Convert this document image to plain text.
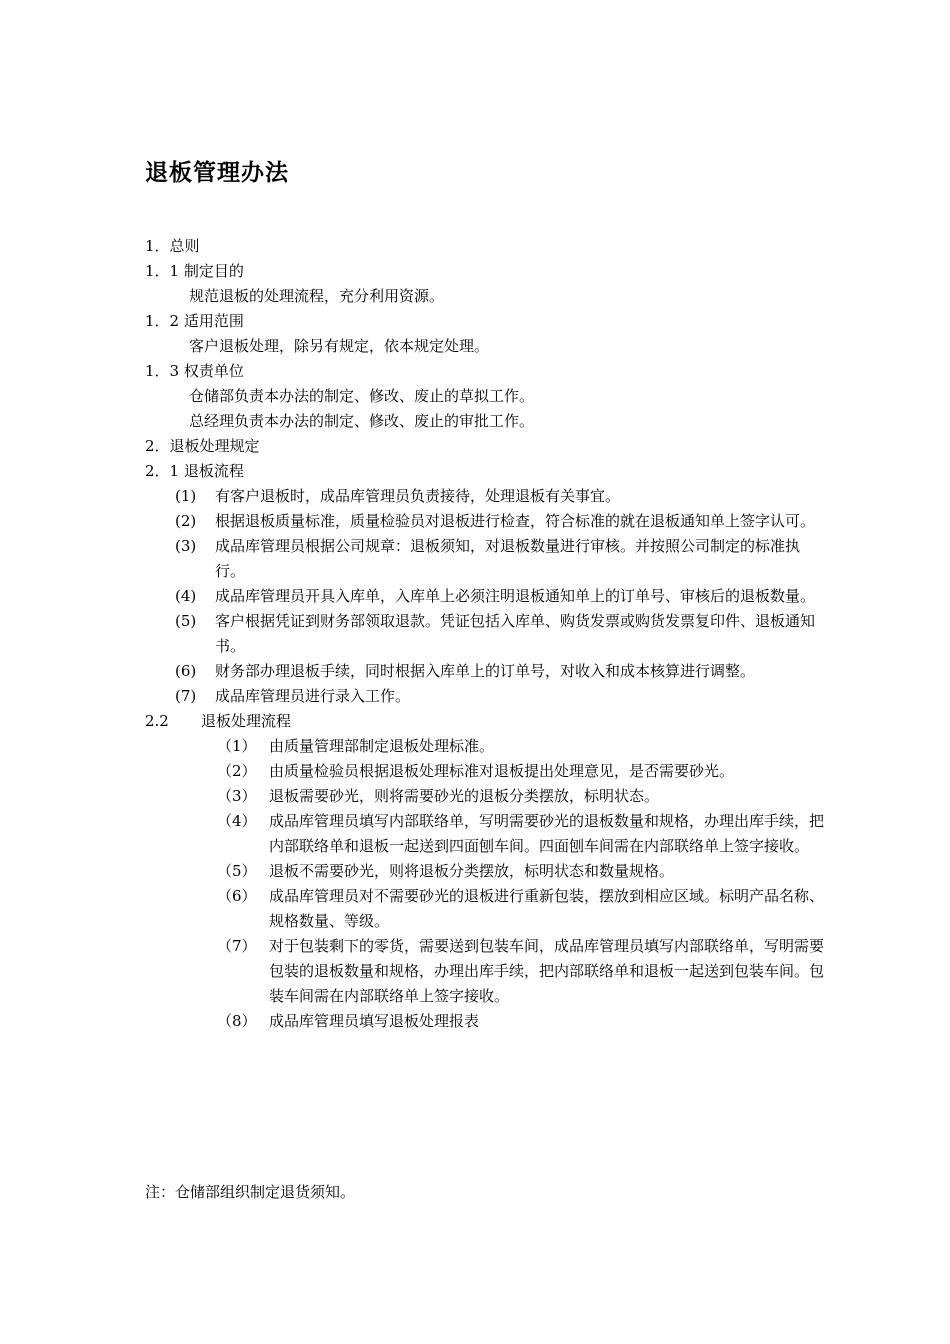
退板管理办法
1．总则
1．1 制定目的
规范退板的处理流程，充分利用资源。
1．2 适用范围
客户退板处理，除另有规定，依本规定处理。
1．3 权责单位
仓储部负责本办法的制定、修改、废止的草拟工作。
总经理负责本办法的制定、修改、废止的审批工作。
2．退板处理规定
2．1 退板流程
(1)	有客户退板时，成品库管理员负责接待，处理退板有关事宜。
(2)	根据退板质量标准，质量检验员对退板进行检查，符合标准的就在退板通知单上签字认可。
(3)	成品库管理员根据公司规章：退板须知，对退板数量进行审核。并按照公司制定的标准执行。
(4)	成品库管理员开具入库单，入库单上必须注明退板通知单上的订单号、审核后的退板数量。
(5)	客户根据凭证到财务部领取退款。凭证包括入库单、购货发票或购货发票复印件、退板通知书。
(6)	财务部办理退板手续，同时根据入库单上的订单号，对收入和成本核算进行调整。
(7)	成品库管理员进行录入工作。
2.2	退板处理流程
（1） 由质量管理部制定退板处理标准。
（2） 由质量检验员根据退板处理标准对退板提出处理意见，是否需要砂光。
（3） 退板需要砂光，则将需要砂光的退板分类摆放，标明状态。
（4） 成品库管理员填写内部联络单，写明需要砂光的退板数量和规格，办理出库手续，把内部联络单和退板一起送到四面刨车间。四面刨车间需在内部联络单上签字接收。
（5） 退板不需要砂光，则将退板分类摆放，标明状态和数量规格。
（6） 成品库管理员对不需要砂光的退板进行重新包装，摆放到相应区域。标明产品名称、规格数量、等级。
（7） 对于包装剩下的零货，需要送到包装车间，成品库管理员填写内部联络单，写明需要包装的退板数量和规格，办理出库手续，把内部联络单和退板一起送到包装车间。包装车间需在内部联络单上签字接收。
（8） 成品库管理员填写退板处理报表
注：仓储部组织制定退货须知。
